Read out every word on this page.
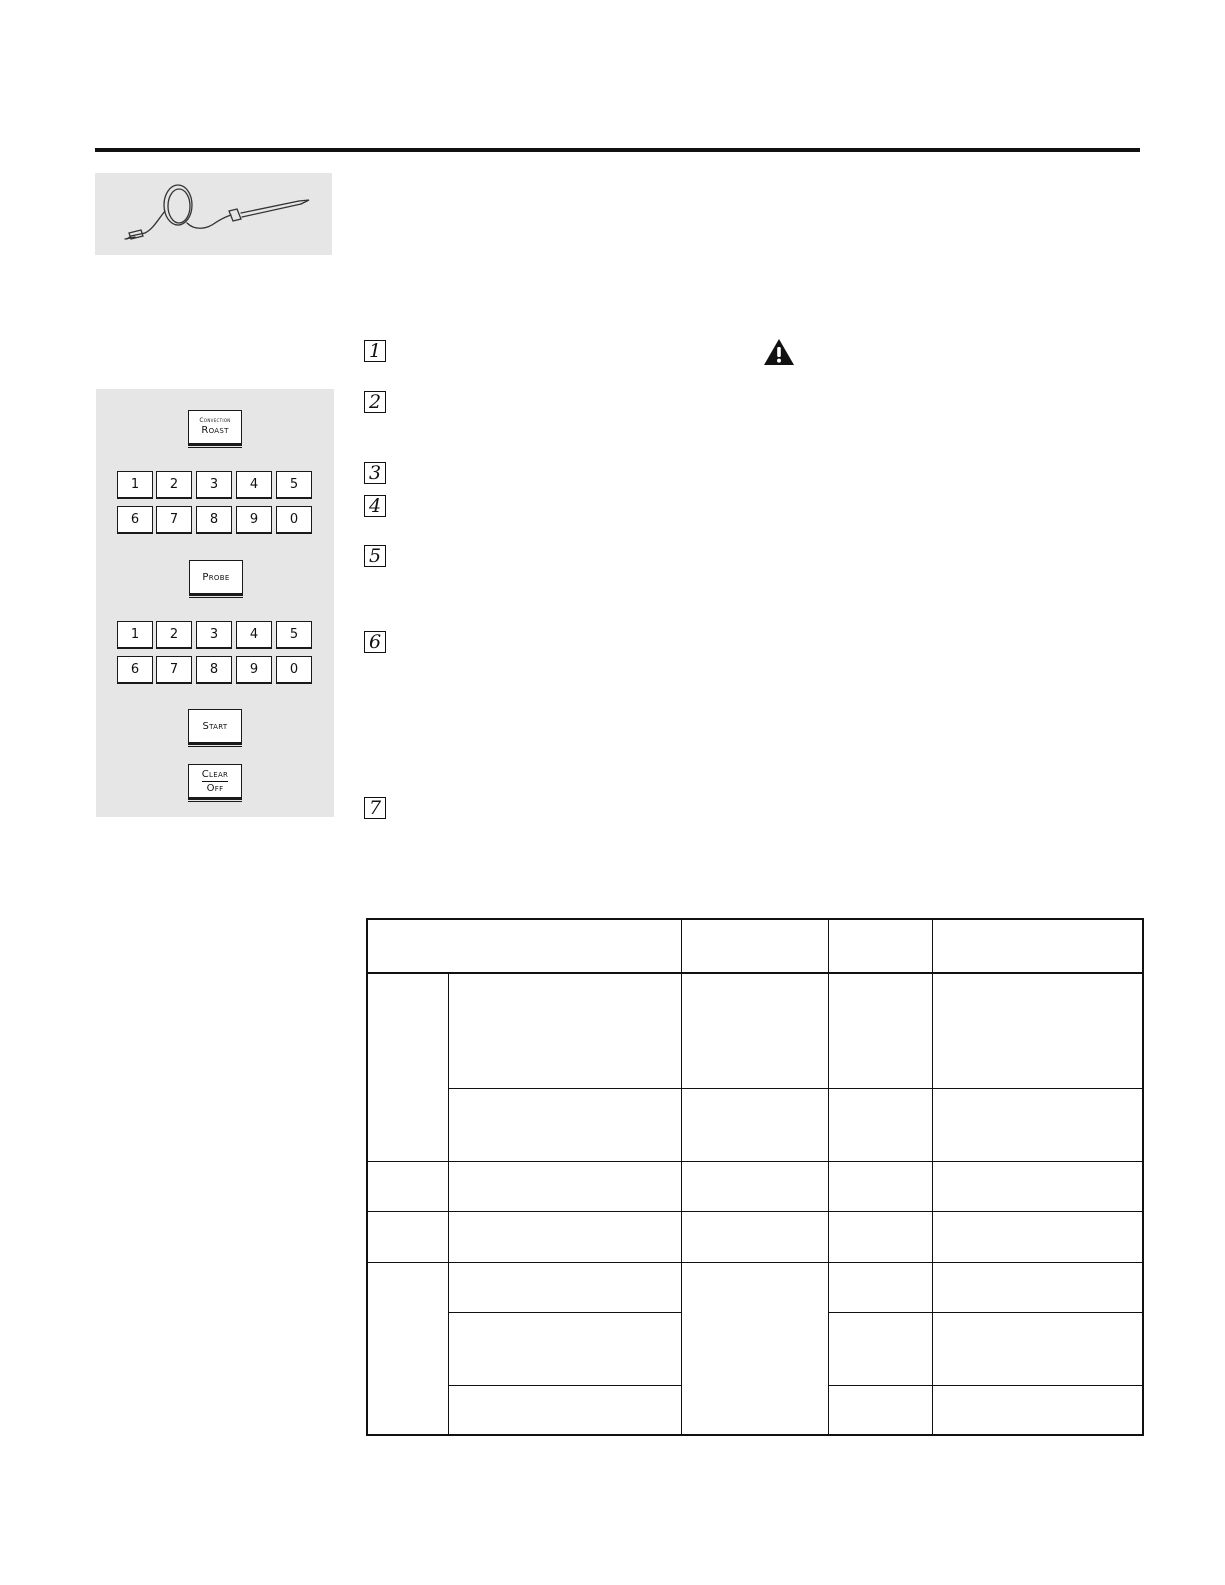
Convection
Roast
1	2	3	4	5
6	7	8	9	0
Probe
1	2	3	4	5
6	7	8	9	0
Start
Clear
Off
1
2
3
4
5
6
7
